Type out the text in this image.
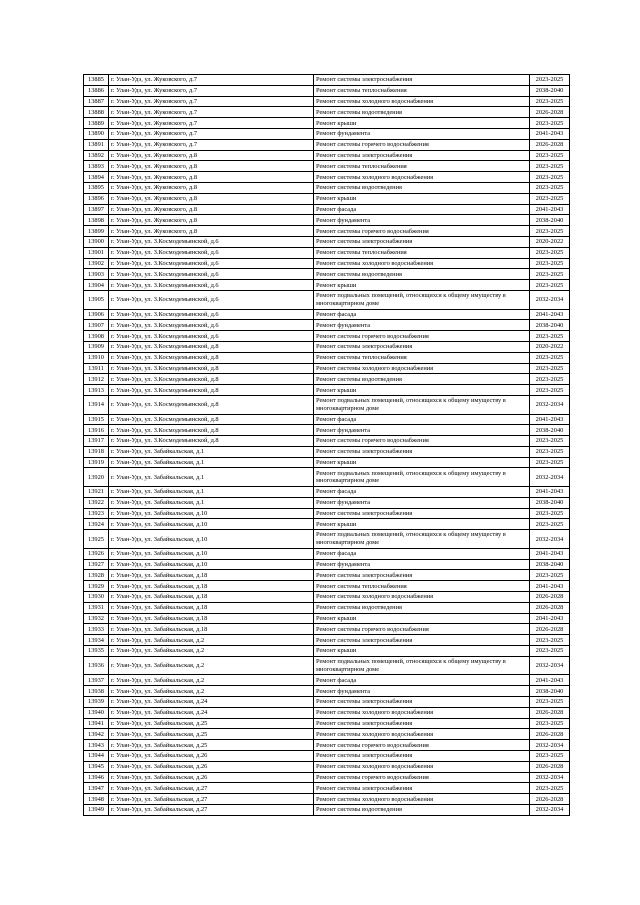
13885	г. Улан-Удэ, ул. Жуковского, д.7	Ремонт системы электроснабжения	2023-2025
13886	г. Улан-Удэ, ул. Жуковского, д.7	Ремонт системы теплоснабжения	2038-2040
13887	г. Улан-Удэ, ул. Жуковского, д.7	Ремонт системы холодного водоснабжения	2023-2025
13888	г. Улан-Удэ, ул. Жуковского, д.7	Ремонт системы водоотведения	2026-2028
13889	г. Улан-Удэ, ул. Жуковского, д.7	Ремонт крыши	2023-2025
13890	г. Улан-Удэ, ул. Жуковского, д.7	Ремонт фундамента	2041-2043
13891	г. Улан-Удэ, ул. Жуковского, д.7	Ремонт системы горячего водоснабжения	2026-2028
13892	г. Улан-Удэ, ул. Жуковского, д.8	Ремонт системы электроснабжения	2023-2025
13893	г. Улан-Удэ, ул. Жуковского, д.8	Ремонт системы теплоснабжения	2023-2025
13894	г. Улан-Удэ, ул. Жуковского, д.8	Ремонт системы холодного водоснабжения	2023-2025
13895	г. Улан-Удэ, ул. Жуковского, д.8	Ремонт системы водоотведения	2023-2025
13896	г. Улан-Удэ, ул. Жуковского, д.8	Ремонт крыши	2023-2025
13897	г. Улан-Удэ, ул. Жуковского, д.8	Ремонт фасада	2041-2043
13898	г. Улан-Удэ, ул. Жуковского, д.8	Ремонт фундамента	2038-2040
13899	г. Улан-Удэ, ул. Жуковского, д.8	Ремонт системы горячего водоснабжения	2023-2025
13900	г. Улан-Удэ, ул. З.Космодемьянской, д.6	Ремонт системы электроснабжения	2020-2022
13901	г. Улан-Удэ, ул. З.Космодемьянской, д.6	Ремонт системы теплоснабжения	2023-2025
13902	г. Улан-Удэ, ул. З.Космодемьянской, д.6	Ремонт системы холодного водоснабжения	2023-2025
13903	г. Улан-Удэ, ул. З.Космодемьянской, д.6	Ремонт системы водоотведения	2023-2025
13904	г. Улан-Удэ, ул. З.Космодемьянской, д.6	Ремонт крыши	2023-2025
13905	г. Улан-Удэ, ул. З.Космодемьянской, д.6	Ремонт подвальных помещений, относящихся к общему имуществу в многоквартирном доме	2032-2034
13906	г. Улан-Удэ, ул. З.Космодемьянской, д.6	Ремонт фасада	2041-2043
13907	г. Улан-Удэ, ул. З.Космодемьянской, д.6	Ремонт фундамента	2038-2040
13908	г. Улан-Удэ, ул. З.Космодемьянской, д.6	Ремонт системы горячего водоснабжения	2023-2025
13909	г. Улан-Удэ, ул. З.Космодемьянской, д.8	Ремонт системы электроснабжения	2020-2022
13910	г. Улан-Удэ, ул. З.Космодемьянской, д.8	Ремонт системы теплоснабжения	2023-2025
13911	г. Улан-Удэ, ул. З.Космодемьянской, д.8	Ремонт системы холодного водоснабжения	2023-2025
13912	г. Улан-Удэ, ул. З.Космодемьянской, д.8	Ремонт системы водоотведения	2023-2025
13913	г. Улан-Удэ, ул. З.Космодемьянской, д.8	Ремонт крыши	2023-2025
13914	г. Улан-Удэ, ул. З.Космодемьянской, д.8	Ремонт подвальных помещений, относящихся к общему имуществу в многоквартирном доме	2032-2034
13915	г. Улан-Удэ, ул. З.Космодемьянской, д.8	Ремонт фасада	2041-2043
13916	г. Улан-Удэ, ул. З.Космодемьянской, д.8	Ремонт фундамента	2038-2040
13917	г. Улан-Удэ, ул. З.Космодемьянской, д.8	Ремонт системы горячего водоснабжения	2023-2025
13918	г. Улан-Удэ, ул. Забайкальская, д.1	Ремонт системы электроснабжения	2023-2025
13919	г. Улан-Удэ, ул. Забайкальская, д.1	Ремонт крыши	2023-2025
13920	г. Улан-Удэ, ул. Забайкальская, д.1	Ремонт подвальных помещений, относящихся к общему имуществу в многоквартирном доме	2032-2034
13921	г. Улан-Удэ, ул. Забайкальская, д.1	Ремонт фасада	2041-2043
13922	г. Улан-Удэ, ул. Забайкальская, д.1	Ремонт фундамента	2038-2040
13923	г. Улан-Удэ, ул. Забайкальская, д.10	Ремонт системы электроснабжения	2023-2025
13924	г. Улан-Удэ, ул. Забайкальская, д.10	Ремонт крыши	2023-2025
13925	г. Улан-Удэ, ул. Забайкальская, д.10	Ремонт подвальных помещений, относящихся к общему имуществу в многоквартирном доме	2032-2034
13926	г. Улан-Удэ, ул. Забайкальская, д.10	Ремонт фасада	2041-2043
13927	г. Улан-Удэ, ул. Забайкальская, д.10	Ремонт фундамента	2038-2040
13928	г. Улан-Удэ, ул. Забайкальская, д.18	Ремонт системы электроснабжения	2023-2025
13929	г. Улан-Удэ, ул. Забайкальская, д.18	Ремонт системы теплоснабжения	2041-2043
13930	г. Улан-Удэ, ул. Забайкальская, д.18	Ремонт системы холодного водоснабжения	2026-2028
13931	г. Улан-Удэ, ул. Забайкальская, д.18	Ремонт системы водоотведения	2026-2028
13932	г. Улан-Удэ, ул. Забайкальская, д.18	Ремонт крыши	2041-2043
13933	г. Улан-Удэ, ул. Забайкальская, д.18	Ремонт системы горячего водоснабжения	2026-2028
13934	г. Улан-Удэ, ул. Забайкальская, д.2	Ремонт системы электроснабжения	2023-2025
13935	г. Улан-Удэ, ул. Забайкальская, д.2	Ремонт крыши	2023-2025
13936	г. Улан-Удэ, ул. Забайкальская, д.2	Ремонт подвальных помещений, относящихся к общему имуществу в многоквартирном доме	2032-2034
13937	г. Улан-Удэ, ул. Забайкальская, д.2	Ремонт фасада	2041-2043
13938	г. Улан-Удэ, ул. Забайкальская, д.2	Ремонт фундамента	2038-2040
13939	г. Улан-Удэ, ул. Забайкальская, д.24	Ремонт системы электроснабжения	2023-2025
13940	г. Улан-Удэ, ул. Забайкальская, д.24	Ремонт системы холодного водоснабжения	2026-2028
13941	г. Улан-Удэ, ул. Забайкальская, д.25	Ремонт системы электроснабжения	2023-2025
13942	г. Улан-Удэ, ул. Забайкальская, д.25	Ремонт системы холодного водоснабжения	2026-2028
13943	г. Улан-Удэ, ул. Забайкальская, д.25	Ремонт системы горячего водоснабжения	2032-2034
13944	г. Улан-Удэ, ул. Забайкальская, д.26	Ремонт системы электроснабжения	2023-2025
13945	г. Улан-Удэ, ул. Забайкальская, д.26	Ремонт системы холодного водоснабжения	2026-2028
13946	г. Улан-Удэ, ул. Забайкальская, д.26	Ремонт системы горячего водоснабжения	2032-2034
13947	г. Улан-Удэ, ул. Забайкальская, д.27	Ремонт системы электроснабжения	2023-2025
13948	г. Улан-Удэ, ул. Забайкальская, д.27	Ремонт системы холодного водоснабжения	2026-2028
13949	г. Улан-Удэ, ул. Забайкальская, д.27	Ремонт системы водоотведения	2032-2034
